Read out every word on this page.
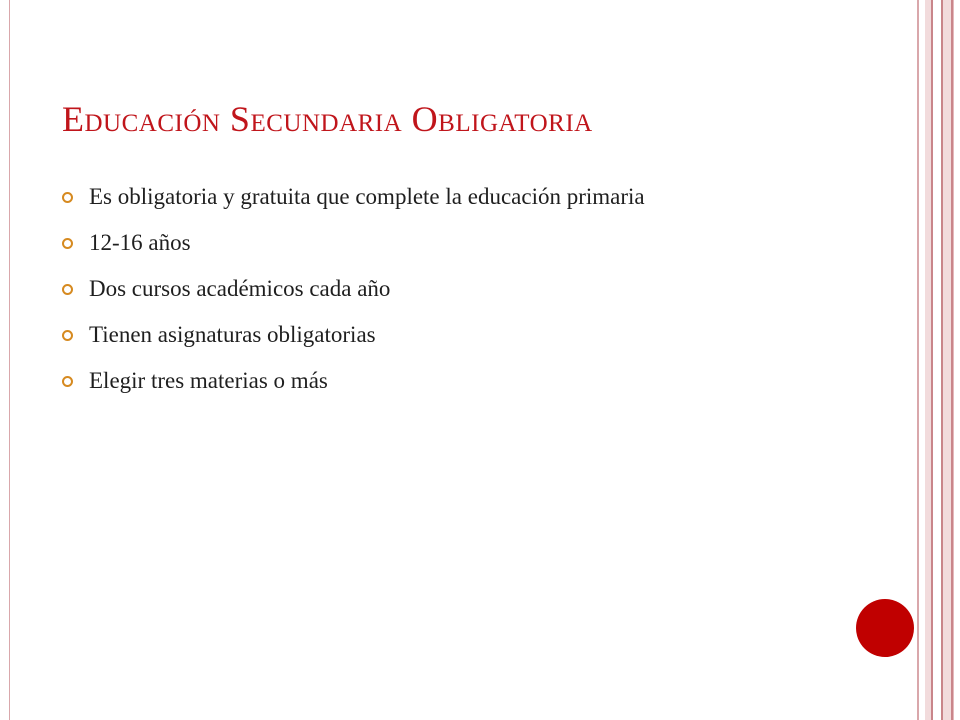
Educación Secundaria Obligatoria
Es obligatoria y gratuita que complete la educación primaria
12-16 años
Dos cursos académicos cada año
Tienen asignaturas obligatorias
Elegir tres materias o más
